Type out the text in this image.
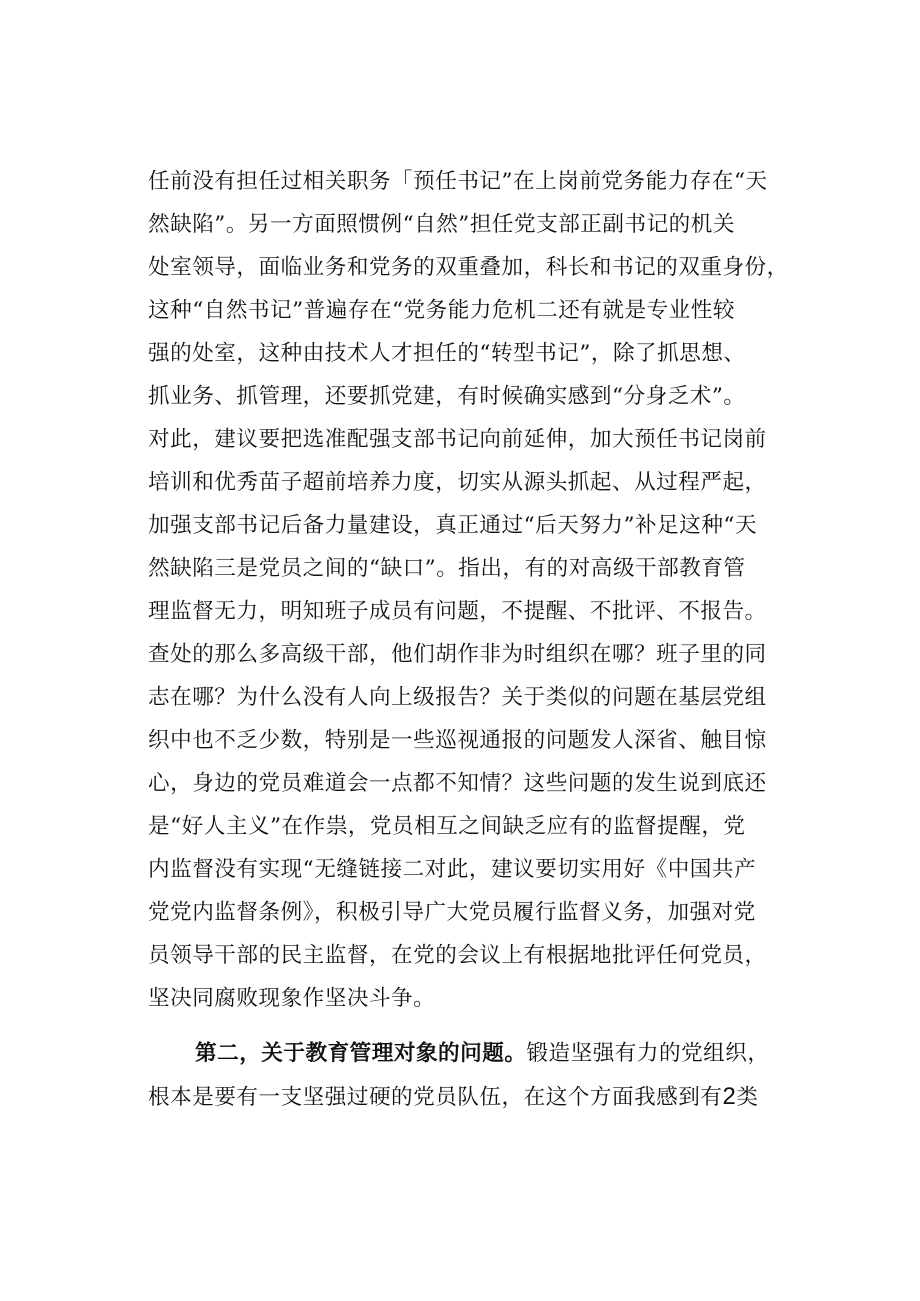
任前没有担任过相关职务「预任书记”在上岗前党务能力存在“天
然缺陷”。另一方面照惯例“自然”担任党支部正副书记的机关
处室领导，面临业务和党务的双重叠加，科长和书记的双重身份，
这种“自然书记”普遍存在“党务能力危机二还有就是专业性较
强的处室，这种由技术人才担任的“转型书记”，除了抓思想、
抓业务、抓管理，还要抓党建，有时候确实感到“分身乏术”。
对此，建议要把选准配强支部书记向前延伸，加大预任书记岗前
培训和优秀苗子超前培养力度，切实从源头抓起、从过程严起，
加强支部书记后备力量建设，真正通过“后天努力”补足这种“天
然缺陷三是党员之间的“缺口”。指出，有的对高级干部教育管
理监督无力，明知班子成员有问题，不提醒、不批评、不报告。
查处的那么多高级干部，他们胡作非为时组织在哪？班子里的同
志在哪？为什么没有人向上级报告？关于类似的问题在基层党组
织中也不乏少数，特别是一些巡视通报的问题发人深省、触目惊
心，身边的党员难道会一点都不知情？这些问题的发生说到底还
是“好人主义”在作祟，党员相互之间缺乏应有的监督提醒，党
内监督没有实现“无缝链接二对此，建议要切实用好《中国共产
党党内监督条例》，积极引导广大党员履行监督义务，加强对党
员领导干部的民主监督，在党的会议上有根据地批评任何党员，
坚决同腐败现象作坚决斗争。
第二，关于教育管理对象的问题。锻造坚强有力的党组织，
根本是要有一支坚强过硬的党员队伍，在这个方面我感到有2类
